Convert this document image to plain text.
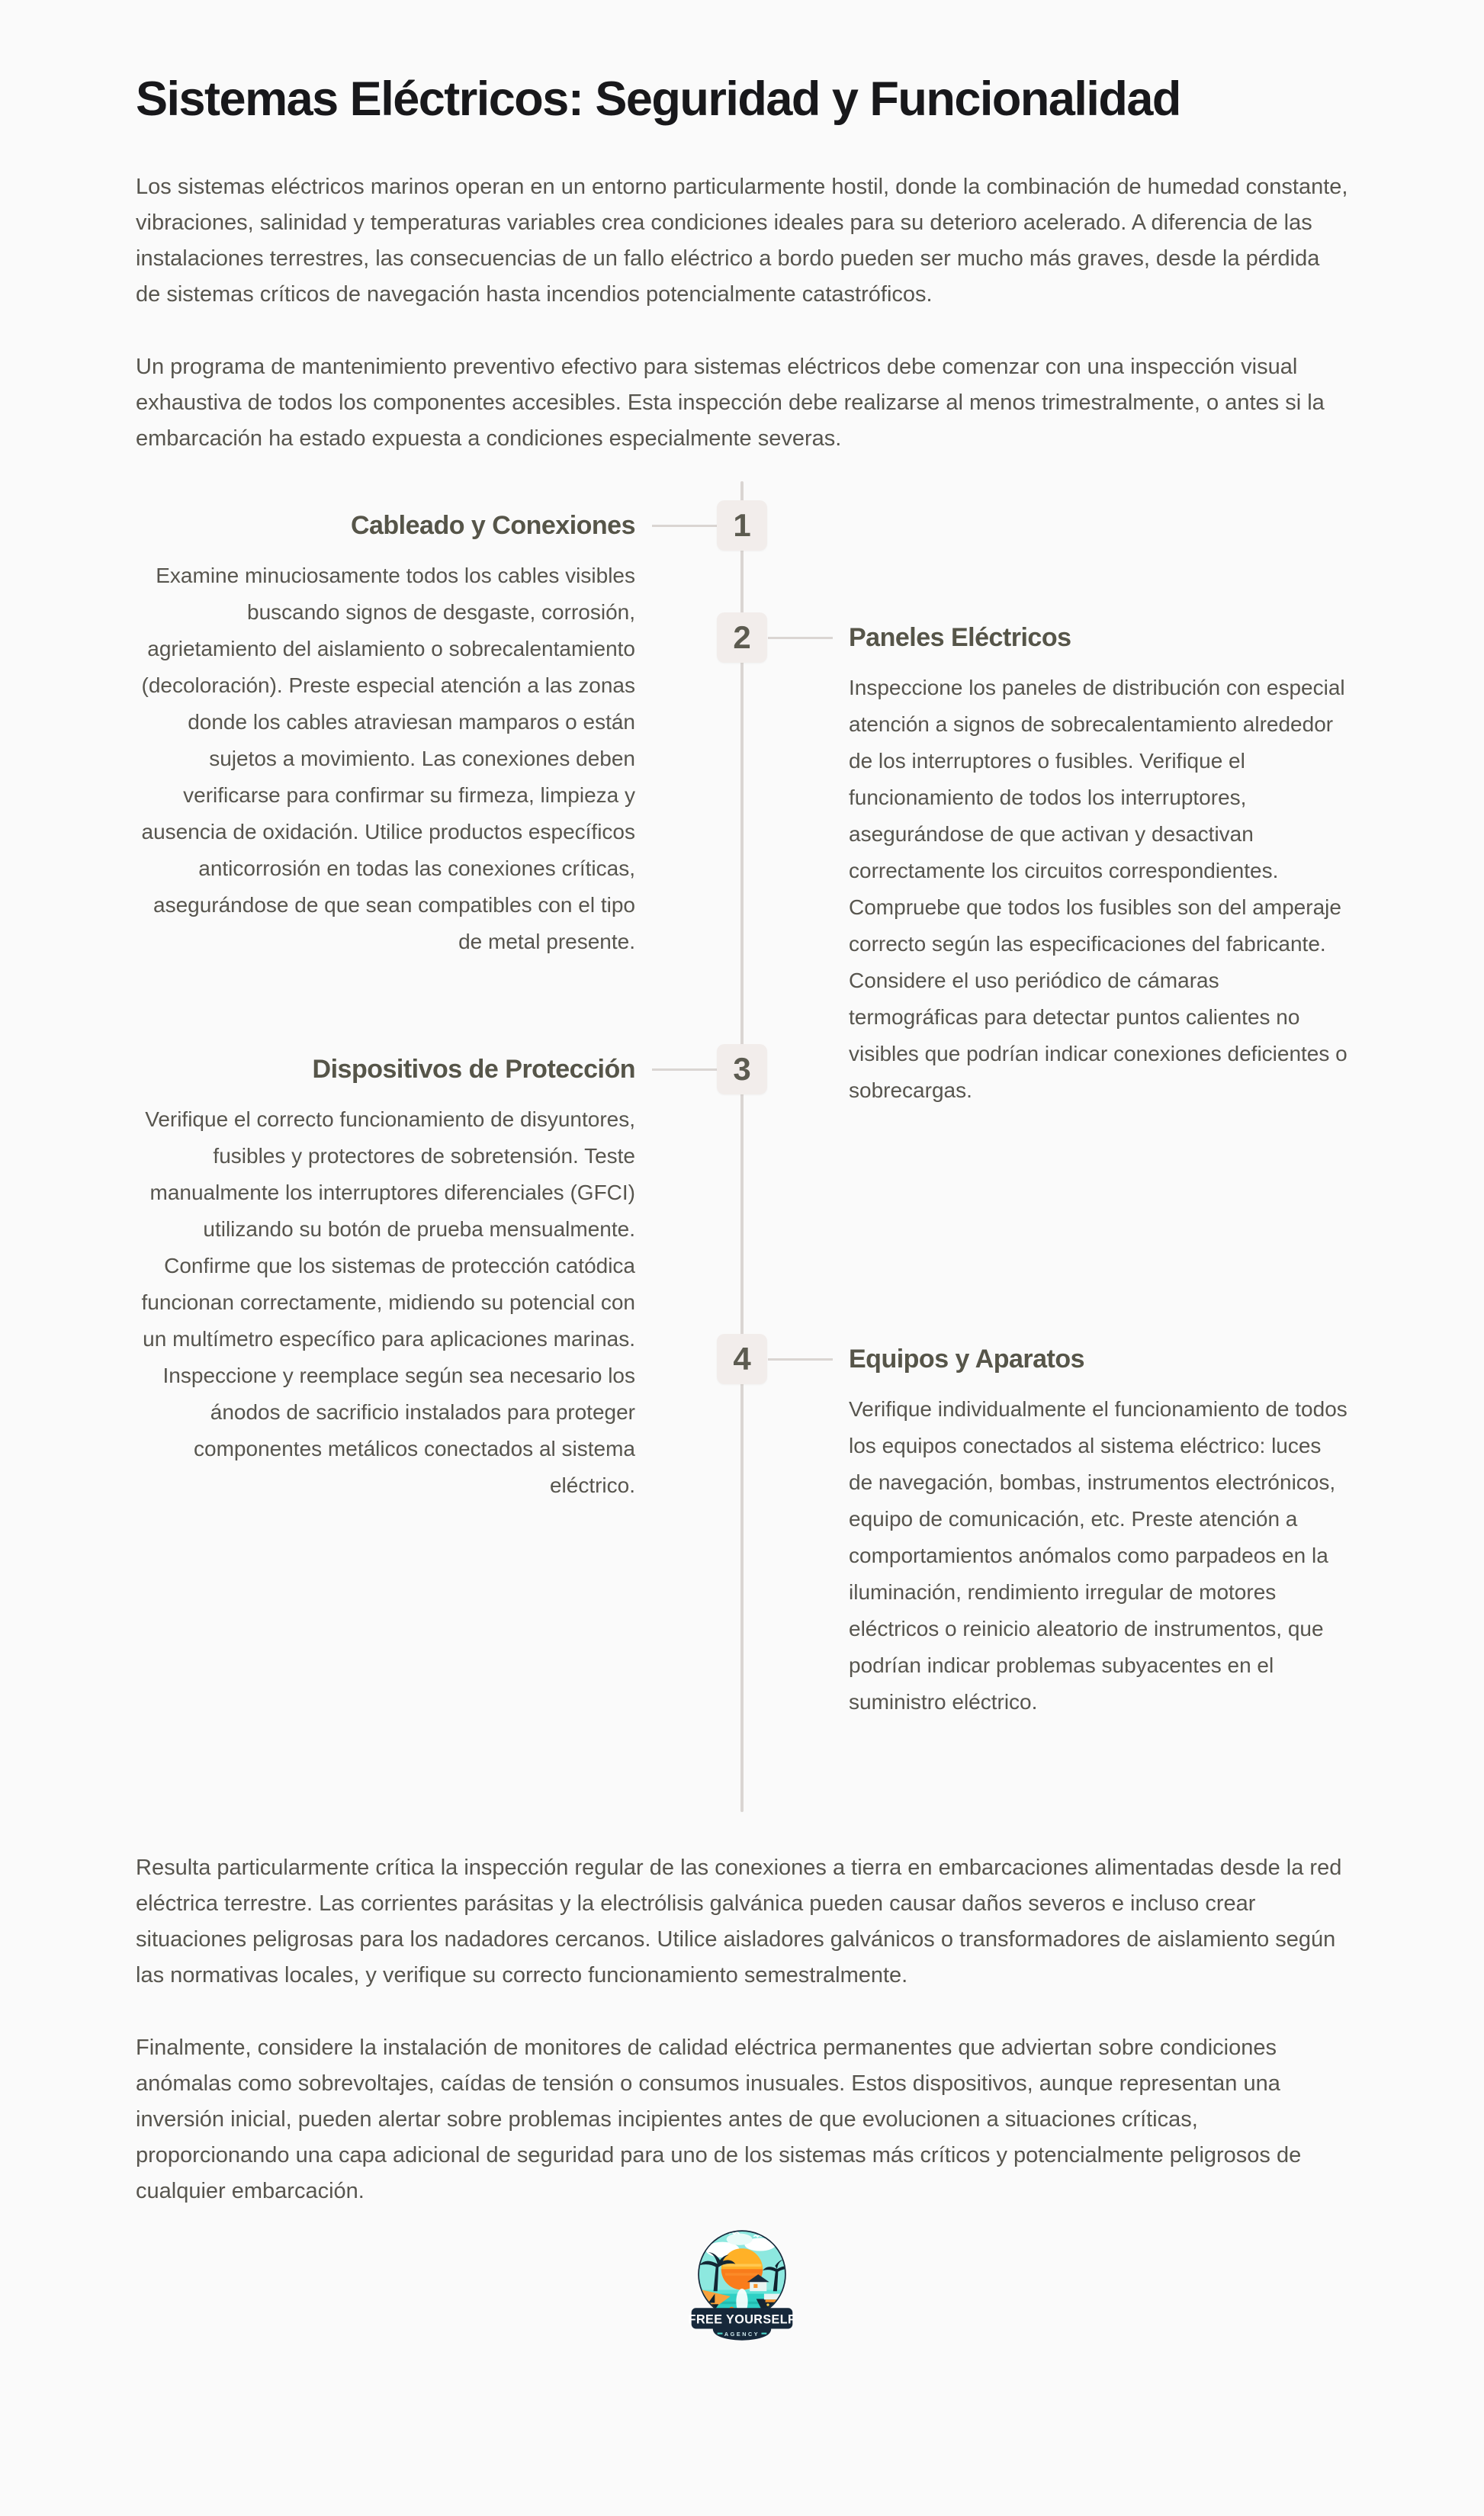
Sistemas Eléctricos: Seguridad y Funcionalidad

Los sistemas eléctricos marinos operan en un entorno particularmente hostil, donde la combinación de humedad constante, vibraciones, salinidad y temperaturas variables crea condiciones ideales para su deterioro acelerado. A diferencia de las instalaciones terrestres, las consecuencias de un fallo eléctrico a bordo pueden ser mucho más graves, desde la pérdida de sistemas críticos de navegación hasta incendios potencialmente catastróficos.

Un programa de mantenimiento preventivo efectivo para sistemas eléctricos debe comenzar con una inspección visual exhaustiva de todos los componentes accesibles. Esta inspección debe realizarse al menos trimestralmente, o antes si la embarcación ha estado expuesta a condiciones especialmente severas.

1
2
3
4
Cableado y Conexiones

Examine minuciosamente todos los cables visibles buscando signos de desgaste, corrosión, agrietamiento del aislamiento o sobrecalentamiento (decoloración). Preste especial atención a las zonas donde los cables atraviesan mamparos o están sujetos a movimiento. Las conexiones deben verificarse para confirmar su firmeza, limpieza y ausencia de oxidación. Utilice productos específicos anticorrosión en todas las conexiones críticas, asegurándose de que sean compatibles con el tipo de metal presente.

Paneles Eléctricos

Inspeccione los paneles de distribución con especial atención a signos de sobrecalentamiento alrededor de los interruptores o fusibles. Verifique el funcionamiento de todos los interruptores, asegurándose de que activan y desactivan correctamente los circuitos correspondientes. Compruebe que todos los fusibles son del amperaje correcto según las especificaciones del fabricante. Considere el uso periódico de cámaras termográficas para detectar puntos calientes no visibles que podrían indicar conexiones deficientes o sobrecargas.

Dispositivos de Protección

Verifique el correcto funcionamiento de disyuntores, fusibles y protectores de sobretensión. Teste manualmente los interruptores diferenciales (GFCI) utilizando su botón de prueba mensualmente. Confirme que los sistemas de protección catódica funcionan correctamente, midiendo su potencial con un multímetro específico para aplicaciones marinas. Inspeccione y reemplace según sea necesario los ánodos de sacrificio instalados para proteger componentes metálicos conectados al sistema eléctrico.

Equipos y Aparatos

Verifique individualmente el funcionamiento de todos los equipos conectados al sistema eléctrico: luces de navegación, bombas, instrumentos electrónicos, equipo de comunicación, etc. Preste atención a comportamientos anómalos como parpadeos en la iluminación, rendimiento irregular de motores eléctricos o reinicio aleatorio de instrumentos, que podrían indicar problemas subyacentes en el suministro eléctrico.

Resulta particularmente crítica la inspección regular de las conexiones a tierra en embarcaciones alimentadas desde la red eléctrica terrestre. Las corrientes parásitas y la electrólisis galvánica pueden causar daños severos e incluso crear situaciones peligrosas para los nadadores cercanos. Utilice aisladores galvánicos o transformadores de aislamiento según las normativas locales, y verifique su correcto funcionamiento semestralmente.

Finalmente, considere la instalación de monitores de calidad eléctrica permanentes que adviertan sobre condiciones anómalas como sobrevoltajes, caídas de tensión o consumos inusuales. Estos dispositivos, aunque representan una inversión inicial, pueden alertar sobre problemas incipientes antes de que evolucionen a situaciones críticas, proporcionando una capa adicional de seguridad para uno de los sistemas más críticos y potencialmente peligrosos de cualquier embarcación.

FREE YOURSELF
AGENCY
